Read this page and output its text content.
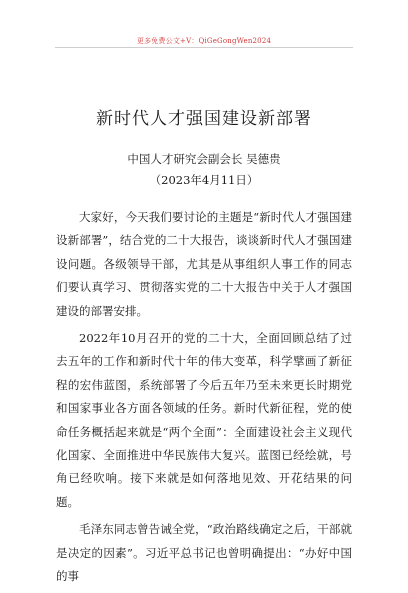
更多免费公文+V：QiGeGongWen2024
新时代人才强国建设新部署
中国人才研究会副会长 吴德贵
（2023年4月11日）

大家好，今天我们要讨论的主题是“新时代人才强国建设新部署”，结合党的二十大报告，谈谈新时代人才强国建设问题。各级领导干部，尤其是从事组织人事工作的同志们要认真学习、贯彻落实党的二十大报告中关于人才强国建设的部署安排。

2022年10月召开的党的二十大，全面回顾总结了过去五年的工作和新时代十年的伟大变革，科学擘画了新征程的宏伟蓝图，系统部署了今后五年乃至未来更长时期党和国家事业各方面各领域的任务。新时代新征程，党的使命任务概括起来就是“两个全面”：全面建设社会主义现代化国家、全面推进中华民族伟大复兴。蓝图已经绘就，号角已经吹响。接下来就是如何落地见效、开花结果的问题。

毛泽东同志曾告诫全党，“政治路线确定之后，干部就是决定的因素”。习近平总书记也曾明确提出：“办好中国的事
